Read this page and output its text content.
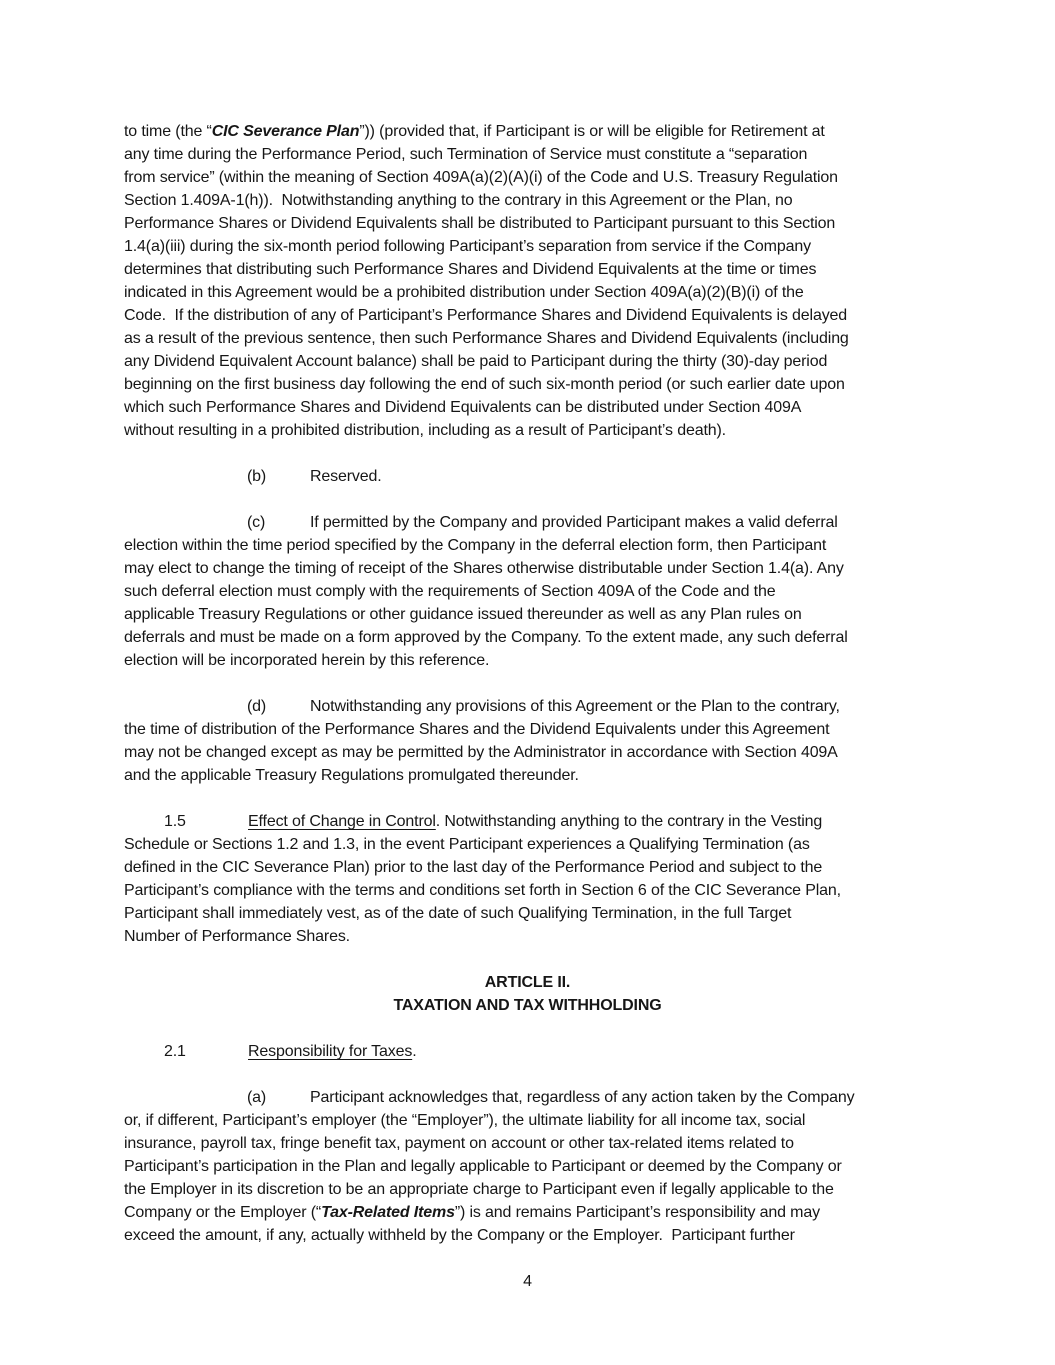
to time (the “CIC Severance Plan”)) (provided that, if Participant is or will be eligible for Retirement at
any time during the Performance Period, such Termination of Service must constitute a “separation
from service” (within the meaning of Section 409A(a)(2)(A)(i) of the Code and U.S. Treasury Regulation
Section 1.409A-1(h)).  Notwithstanding anything to the contrary in this Agreement or the Plan, no
Performance Shares or Dividend Equivalents shall be distributed to Participant pursuant to this Section
1.4(a)(iii) during the six-month period following Participant’s separation from service if the Company
determines that distributing such Performance Shares and Dividend Equivalents at the time or times
indicated in this Agreement would be a prohibited distribution under Section 409A(a)(2)(B)(i) of the
Code.  If the distribution of any of Participant’s Performance Shares and Dividend Equivalents is delayed
as a result of the previous sentence, then such Performance Shares and Dividend Equivalents (including
any Dividend Equivalent Account balance) shall be paid to Participant during the thirty (30)-day period
beginning on the first business day following the end of such six-month period (or such earlier date upon
which such Performance Shares and Dividend Equivalents can be distributed under Section 409A
without resulting in a prohibited distribution, including as a result of Participant’s death).
(b)	Reserved.
(c)	If permitted by the Company and provided Participant makes a valid deferral
election within the time period specified by the Company in the deferral election form, then Participant
may elect to change the timing of receipt of the Shares otherwise distributable under Section 1.4(a). Any
such deferral election must comply with the requirements of Section 409A of the Code and the
applicable Treasury Regulations or other guidance issued thereunder as well as any Plan rules on
deferrals and must be made on a form approved by the Company. To the extent made, any such deferral
election will be incorporated herein by this reference.
(d)	Notwithstanding any provisions of this Agreement or the Plan to the contrary,
the time of distribution of the Performance Shares and the Dividend Equivalents under this Agreement
may not be changed except as may be permitted by the Administrator in accordance with Section 409A
and the applicable Treasury Regulations promulgated thereunder.
1.5	Effect of Change in Control. Notwithstanding anything to the contrary in the Vesting
Schedule or Sections 1.2 and 1.3, in the event Participant experiences a Qualifying Termination (as
defined in the CIC Severance Plan) prior to the last day of the Performance Period and subject to the
Participant’s compliance with the terms and conditions set forth in Section 6 of the CIC Severance Plan,
Participant shall immediately vest, as of the date of such Qualifying Termination, in the full Target
Number of Performance Shares.
ARTICLE II.
TAXATION AND TAX WITHHOLDING
2.1	Responsibility for Taxes.
(a)	Participant acknowledges that, regardless of any action taken by the Company
or, if different, Participant’s employer (the “Employer”), the ultimate liability for all income tax, social
insurance, payroll tax, fringe benefit tax, payment on account or other tax-related items related to
Participant’s participation in the Plan and legally applicable to Participant or deemed by the Company or
the Employer in its discretion to be an appropriate charge to Participant even if legally applicable to the
Company or the Employer (“Tax-Related Items”) is and remains Participant’s responsibility and may
exceed the amount, if any, actually withheld by the Company or the Employer.  Participant further
4
